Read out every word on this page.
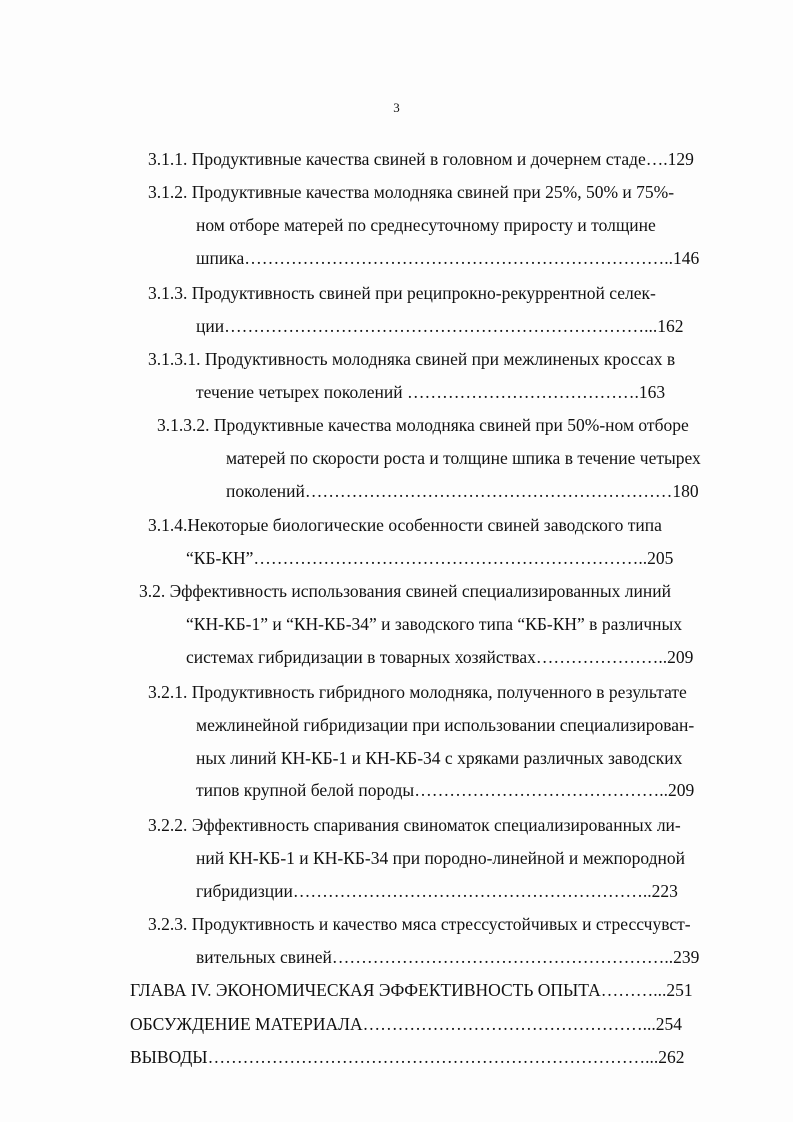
3
3.1.1. Продуктивные качества свиней в головном и дочернем стаде….129
3.1.2. Продуктивные качества молодняка свиней при 25%, 50% и 75%-
ном отборе матерей по среднесуточному приросту и толщине
шпика………………………………………………………………..146
3.1.3. Продуктивность свиней при реципрокно-рекуррентной селек-
ции………………………………………………………………...162
3.1.3.1. Продуктивность молодняка свиней при межлиненых кроссах в
течение четырех поколений ………………………………….163
3.1.3.2. Продуктивные качества молодняка свиней при 50%-ном отборе
матерей по скорости роста и толщине шпика в течение четырех
поколений………………………………………………………180
3.1.4.Некоторые биологические особенности свиней заводского типа
“КБ-КН”…………………………………………………………..205
3.2. Эффективность использования свиней специализированных линий
“КН-КБ-1” и “КН-КБ-34” и заводского типа “КБ-КН” в различных
системах гибридизации в товарных хозяйствах…………………..209
3.2.1. Продуктивность гибридного молодняка, полученного в результате
межлинейной гибридизации при использовании специализирован-
ных линий КН-КБ-1 и КН-КБ-34 с хряками различных заводских
типов крупной белой породы……………………………………..209
3.2.2. Эффективность спаривания свиноматок специализированных ли-
ний КН-КБ-1 и КН-КБ-34 при породно-линейной и межпородной
гибридизции……………………………………………………..223
3.2.3. Продуктивность и качество мяса стрессустойчивых и стрессчувст-
вительных свиней…………………………………………………..239
ГЛАВА IV. ЭКОНОМИЧЕСКАЯ ЭФФЕКТИВНОСТЬ ОПЫТА………...251
ОБСУЖДЕНИЕ МАТЕРИАЛА…………………………………………...254
ВЫВОДЫ…………………………………………………………………...262
